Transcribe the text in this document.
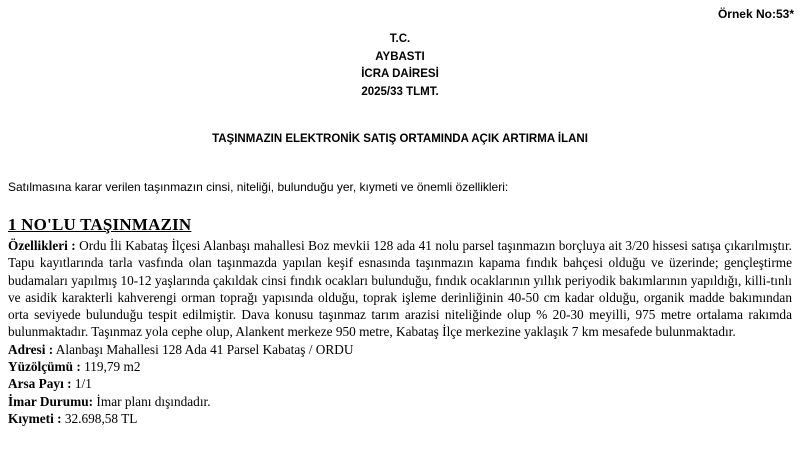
Örnek No:53*
T.C.
AYBASTI
İCRA DAİRESİ
2025/33 TLMT.
TAŞINMAZIN ELEKTRONİK SATIŞ ORTAMINDA AÇIK ARTIRMA İLANI
Satılmasına karar verilen taşınmazın cinsi, niteliği, bulunduğu yer, kıymeti ve önemli özellikleri:
1 NO'LU TAŞINMAZIN

Özellikleri : Ordu İli Kabataş İlçesi Alanbaşı mahallesi Boz mevkii 128 ada 41 nolu parsel taşınmazın borçluya ait 3/20 hissesi satışa çıkarılmıştır. Tapu kayıtlarında tarla vasfında olan taşınmazda yapılan keşif esnasında taşınmazın kapama fındık bahçesi olduğu ve üzerinde; gençleştirme budamaları yapılmış 10-12 yaşlarında çakıldak cinsi fındık ocakları bulunduğu, fındık ocaklarının yıllık periyodik bakımlarının yapıldığı, killi-tınlı ve asidik karakterli kahverengi orman toprağı yapısında olduğu, toprak işleme derinliğinin 40-50 cm kadar olduğu, organik madde bakımından orta seviyede bulunduğu tespit edilmiştir. Dava konusu taşınmaz tarım arazisi niteliğinde olup % 20-30 meyilli, 975 metre ortalama rakımda bulunmaktadır. Taşınmaz yola cephe olup, Alankent merkeze 950 metre, Kabataş İlçe merkezine yaklaşık 7 km mesafede bulunmaktadır.

Adresi : Alanbaşı Mahallesi 128 Ada 41 Parsel Kabataş / ORDU

Yüzölçümü : 119,79 m2

Arsa Payı : 1/1

İmar Durumu: İmar planı dışındadır.

Kıymeti : 32.698,58 TL
